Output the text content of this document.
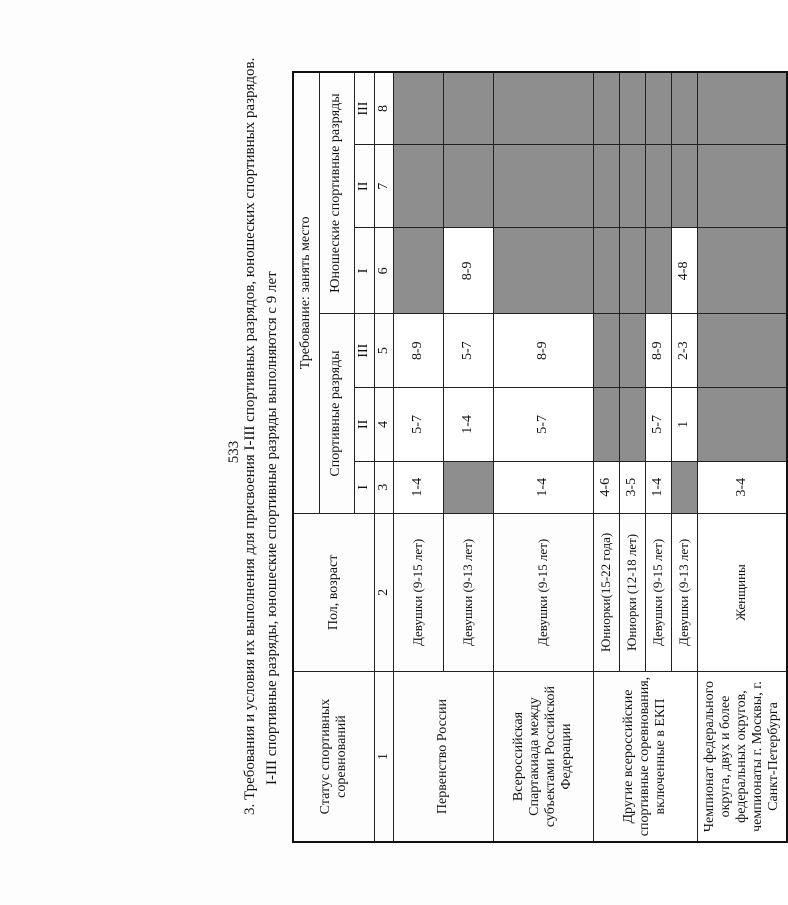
533 3. Требования и условия их выполнения для присвоения I-III спортивных разрядов, юношеских спортивных разрядов. I-III спортивные разряды, юношеские спортивные разряды выполняются с 9 лет	Статус спортивных соревнований	Пол, возраст	Требование: занять место					
		Спортивные разряды			Юношеские спортивные разряды		
		I	II	III	I	II	III
1	2	3	4	5	6	7	8
Первенство России	Девушки (9-15 лет)	1-4	5-7	8-9			
	Девушки (9-13 лет)		1-4	5-7	8-9		
Всероссийская Спартакиада между субъектами Российской Федерации	Девушки (9-15 лет)	1-4	5-7	8-9			
Другие всероссийские спортивные соревнования, включенные в ЕКП	Юниорки(15-22 года)	4-6					
	Юниорки (12-18 лет)	3-5					
	Девушки (9-15 лет)	1-4	5-7	8-9			
	Девушки (9-13 лет)		1	2-3	4-8		
Чемпионат федерального округа, двух и более федеральных округов, чемпионаты г. Москвы, г. Санкт-Петербурга	Женщины	3-4					
